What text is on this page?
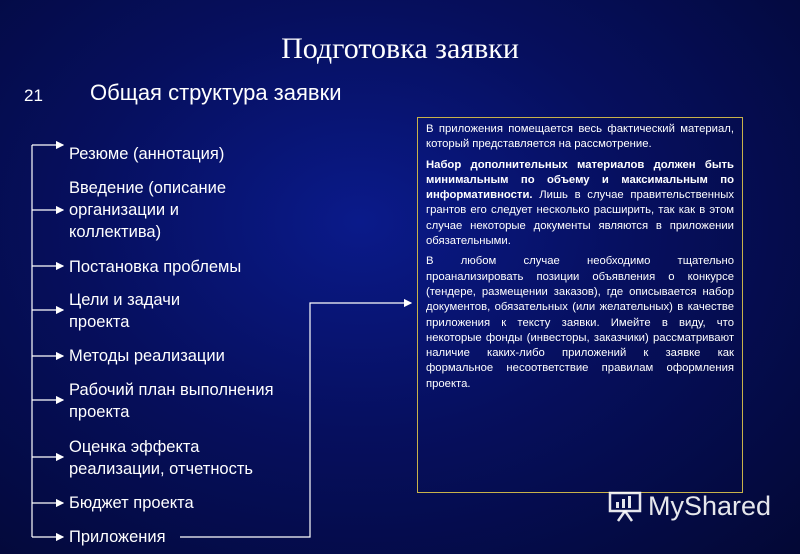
Подготовка заявки
21 Общая структура заявки
Резюме (аннотация)
Введение (описание
организации и
коллектива)
Постановка проблемы
Цели и задачи
проекта
Методы реализации
Рабочий план выполнения
проекта
Оценка эффекта
реализации, отчетность
Бюджет проекта
Приложения

В приложения помещается весь фактический материал, который представляется на рассмотрение.

Набор дополнительных материалов должен быть минимальным по объему и максимальным по информативности. Лишь в случае правительственных грантов его следует несколько расширить, так как в этом случае некоторые документы являются в приложении обязательными.

В любом случае необходимо тщательно проанализировать позиции объявления о конкурсе (тендере, размещении заказов), где описывается набор документов, обязательных (или желательных) в качестве приложения к тексту заявки. Имейте в виду, что некоторые фонды (инвесторы, заказчики) рассматривают наличие каких-либо приложений к заявке как формальное несоответствие правилам оформления проекта.

MyShared
